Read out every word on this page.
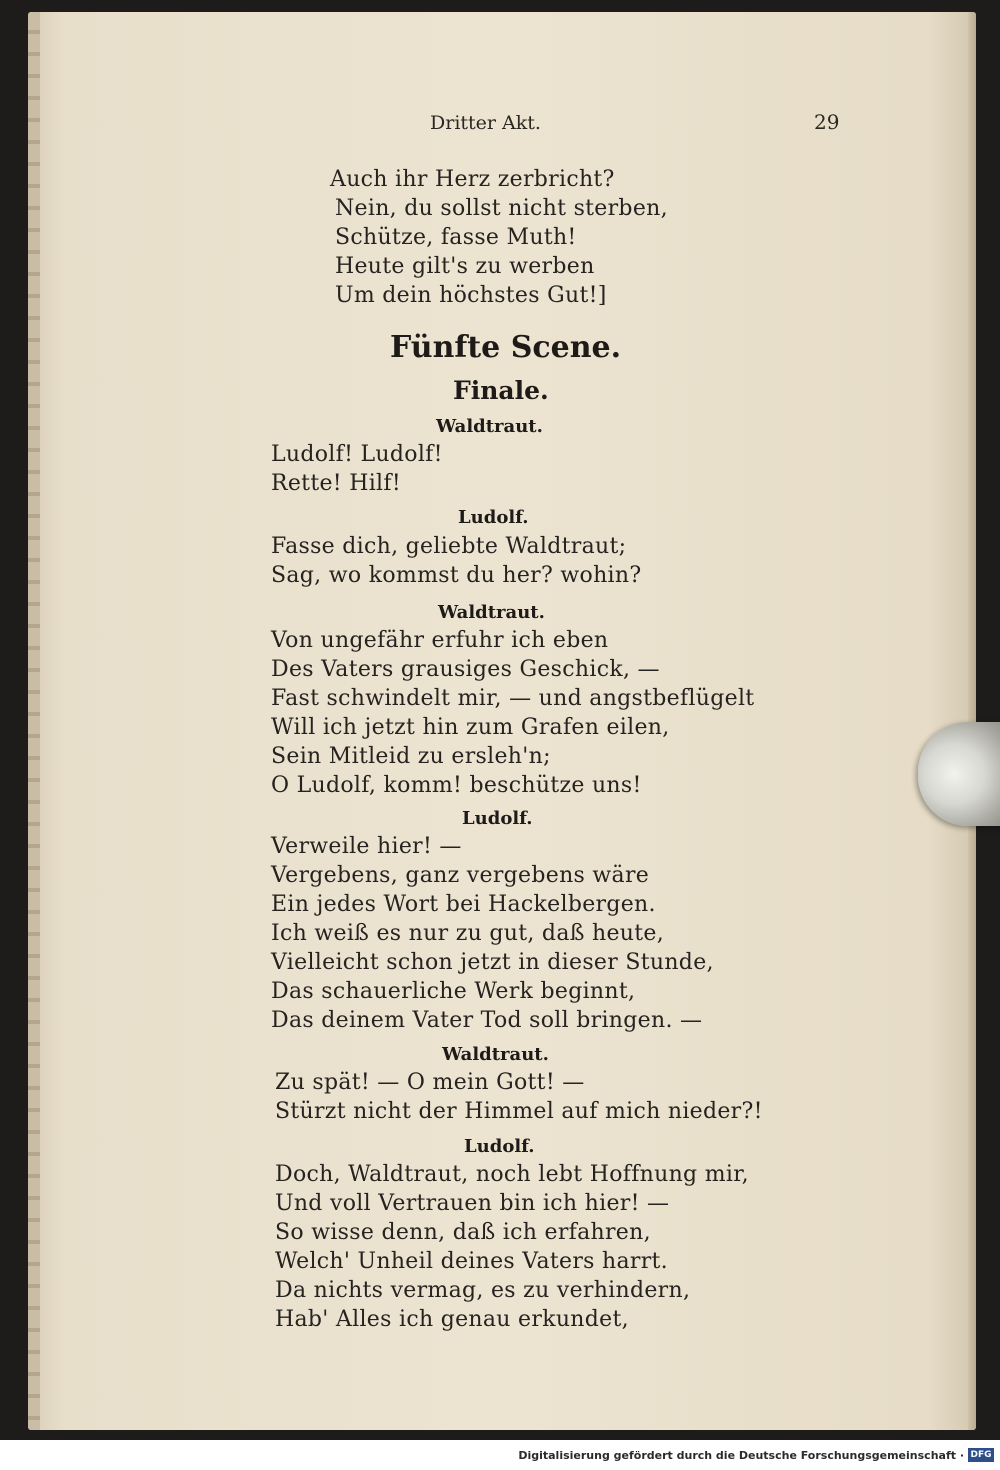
Dritter Akt.	29
Auch ihr Herz zerbricht?
Nein, du sollst nicht sterben,
Schütze, fasse Muth!
Heute gilt's zu werben
Um dein höchstes Gut!]
Fünfte Scene.
Finale.
Waldtraut.
Ludolf! Ludolf!
Rette! Hilf!
Ludolf.
Fasse dich, geliebte Waldtraut;
Sag, wo kommst du her? wohin?
Waldtraut.
Von ungefähr erfuhr ich eben
Des Vaters grausiges Geschick, —
Fast schwindelt mir, — und angstbeflügelt
Will ich jetzt hin zum Grafen eilen,
Sein Mitleid zu ersleh'n;
O Ludolf, komm! beschütze uns!
Ludolf.
Verweile hier! —
Vergebens, ganz vergebens wäre
Ein jedes Wort bei Hackelbergen.
Ich weiß es nur zu gut, daß heute,
Vielleicht schon jetzt in dieser Stunde,
Das schauerliche Werk beginnt,
Das deinem Vater Tod soll bringen. —
Waldtraut.
Zu spät! — O mein Gott! —
Stürzt nicht der Himmel auf mich nieder?!
Ludolf.
Doch, Waldtraut, noch lebt Hoffnung mir,
Und voll Vertrauen bin ich hier! —
So wisse denn, daß ich erfahren,
Welch' Unheil deines Vaters harrt.
Da nichts vermag, es zu verhindern,
Hab' Alles ich genau erkundet,
Digitalisierung gefördert durch die Deutsche Forschungsgemeinschaft · DFG
